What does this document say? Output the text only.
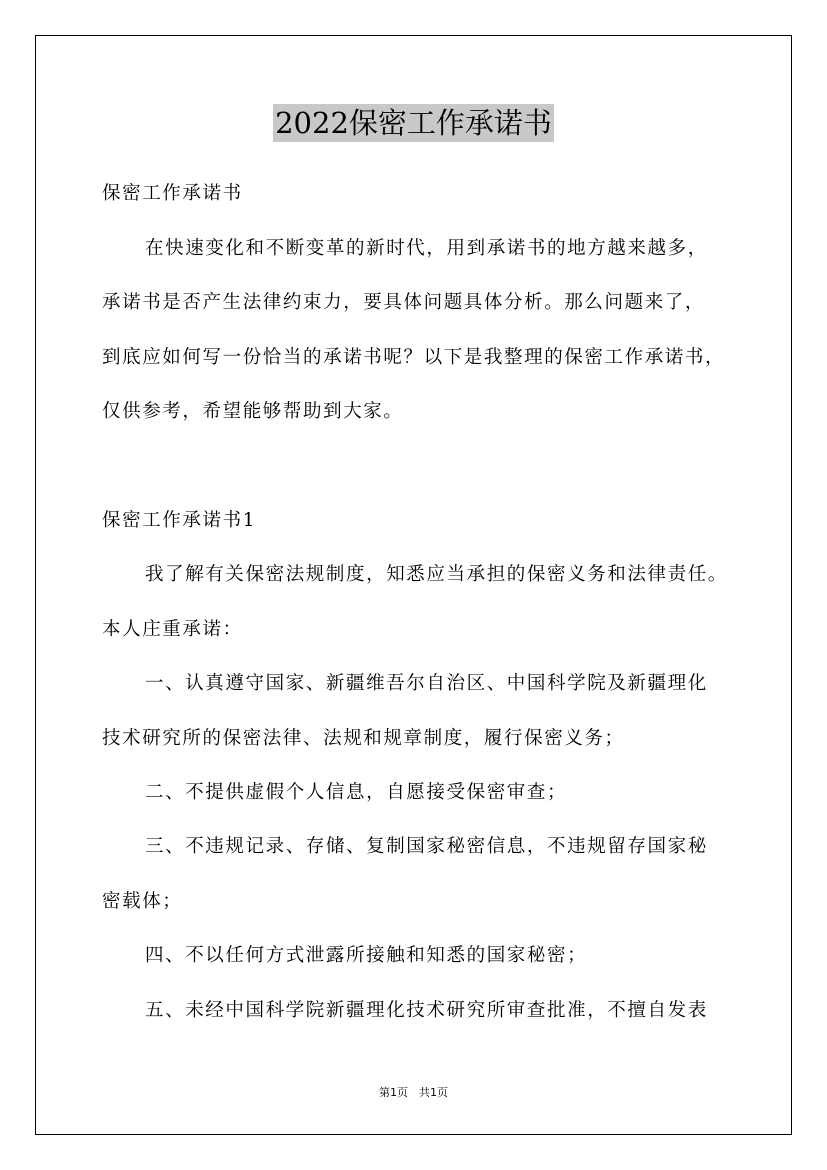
2022保密工作承诺书
保密工作承诺书
在快速变化和不断变革的新时代，用到承诺书的地方越来越多，
承诺书是否产生法律约束力，要具体问题具体分析。那么问题来了，
到底应如何写一份恰当的承诺书呢？以下是我整理的保密工作承诺书，
仅供参考，希望能够帮助到大家。
保密工作承诺书1
我了解有关保密法规制度，知悉应当承担的保密义务和法律责任。
本人庄重承诺：
一、认真遵守国家、新疆维吾尔自治区、中国科学院及新疆理化
技术研究所的保密法律、法规和规章制度，履行保密义务；
二、不提供虚假个人信息，自愿接受保密审查；
三、不违规记录、存储、复制国家秘密信息，不违规留存国家秘
密载体；
四、不以任何方式泄露所接触和知悉的国家秘密；
五、未经中国科学院新疆理化技术研究所审查批准，不擅自发表
第1页　共1页
